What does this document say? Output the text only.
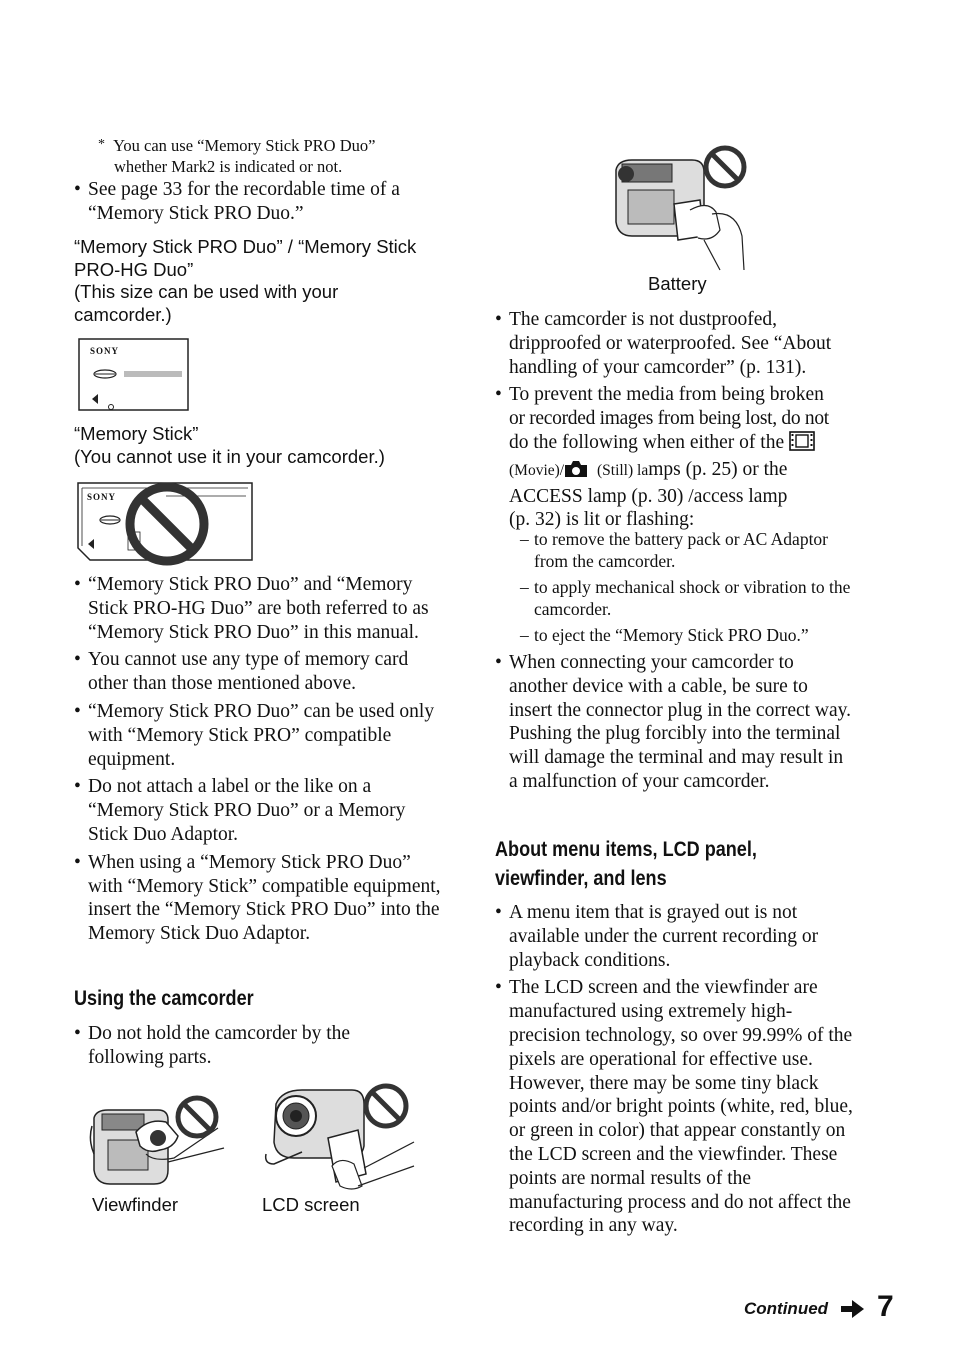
* You can use “Memory Stick PRO Duo”
whether Mark2 is indicated or not.
• See page 33 for the recordable time of a “Memory Stick PRO Duo.”
“Memory Stick PRO Duo” / “Memory Stick
PRO-HG Duo”
(This size can be used with your
camcorder.)
SONY
“Memory Stick”
(You cannot use it in your camcorder.)
SONY
• “Memory Stick PRO Duo” and “Memory Stick PRO-HG Duo” are both referred to as “Memory Stick PRO Duo” in this manual.
• You cannot use any type of memory card other than those mentioned above.
• “Memory Stick PRO Duo” can be used only with “Memory Stick PRO” compatible equipment.
• Do not attach a label or the like on a “Memory Stick PRO Duo” or a Memory Stick Duo Adaptor.
• When using a “Memory Stick PRO Duo” with “Memory Stick” compatible equipment, insert the “Memory Stick PRO Duo” into the Memory Stick Duo Adaptor.
Using the camcorder
• Do not hold the camcorder by the following parts.
Viewfinder	LCD screen
Battery
• The camcorder is not dustproofed, dripproofed or waterproofed. See “About handling of your camcorder” (p. 131).
• To prevent the media from being broken
or recorded images from being lost, do not
do the following when either of the
(Movie)/ (Still) lamps (p. 25) or the
ACCESS lamp (p. 30) /access lamp
(p. 32) is lit or flashing:
– to remove the battery pack or AC Adaptor from the camcorder.
– to apply mechanical shock or vibration to the camcorder.
– to eject the “Memory Stick PRO Duo.”
• When connecting your camcorder to another device with a cable, be sure to insert the connector plug in the correct way. Pushing the plug forcibly into the terminal will damage the terminal and may result in a malfunction of your camcorder.
About menu items, LCD panel,
viewfinder, and lens
• A menu item that is grayed out is not available under the current recording or playback conditions.
• The LCD screen and the viewfinder are manufactured using extremely high-precision technology, so over 99.99% of the pixels are operational for effective use. However, there may be some tiny black points and/or bright points (white, red, blue, or green in color) that appear constantly on the LCD screen and the viewfinder. These points are normal results of the manufacturing process and do not affect the recording in any way.
Continued 7
